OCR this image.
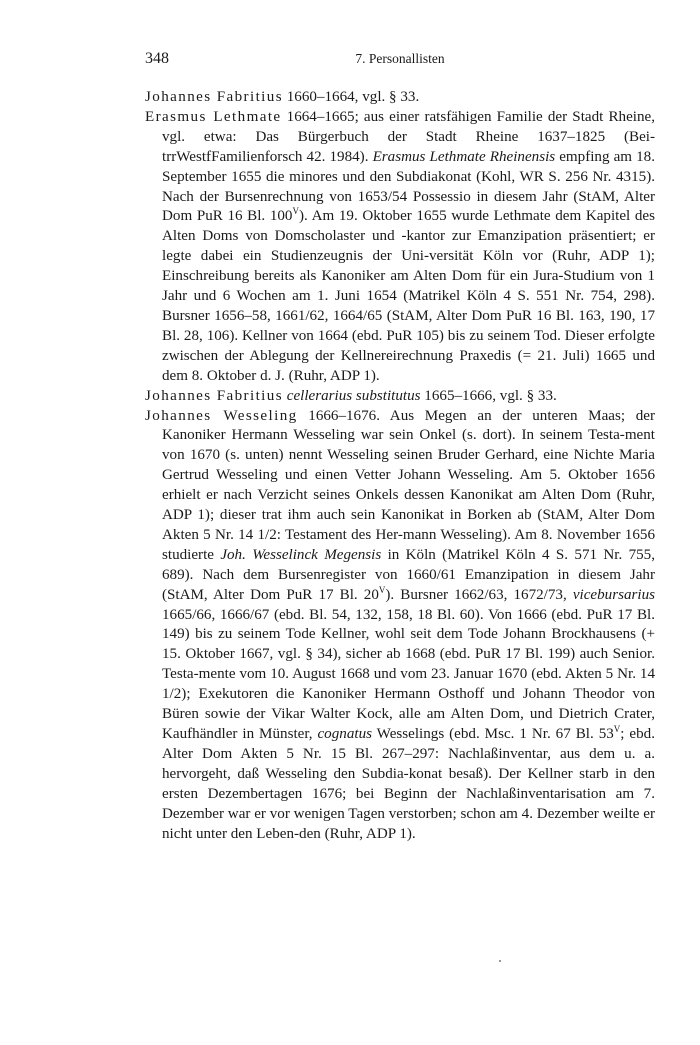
348	7. Personallisten

Johannes Fabritius 1660–1664, vgl. § 33.

Erasmus Lethmate 1664–1665; aus einer ratsfähigen Familie der Stadt Rheine, vgl. etwa: Das Bürgerbuch der Stadt Rheine 1637–1825 (Bei-trrWestfFamilienforsch 42. 1984). Erasmus Lethmate Rheinensis empfing am 18. September 1655 die minores und den Subdiakonat (Kohl, WR S. 256 Nr. 4315). Nach der Bursenrechnung von 1653/54 Possessio in diesem Jahr (StAM, Alter Dom PuR 16 Bl. $100^V$). Am 19. Oktober 1655 wurde Lethmate dem Kapitel des Alten Doms von Domscholaster und -kantor zur Emanzipation präsentiert; er legte dabei ein Studienzeugnis der Uni-versität Köln vor (Ruhr, ADP 1); Einschreibung bereits als Kanoniker am Alten Dom für ein Jura-Studium von 1 Jahr und 6 Wochen am 1. Juni 1654 (Matrikel Köln 4 S. 551 Nr. 754, 298). Bursner 1656–58, 1661/62, 1664/65 (StAM, Alter Dom PuR 16 Bl. 163, 190, 17 Bl. 28, 106). Kellner von 1664 (ebd. PuR 105) bis zu seinem Tod. Dieser erfolgte zwischen der Ablegung der Kellnereirechnung Praxedis (= 21. Juli) 1665 und dem 8. Oktober d. J. (Ruhr, ADP 1).

Johannes Fabritius cellerarius substitutus 1665–1666, vgl. § 33.

Johannes Wesseling 1666–1676. Aus Megen an der unteren Maas; der Kanoniker Hermann Wesseling war sein Onkel (s. dort). In seinem Testa-ment von 1670 (s. unten) nennt Wesseling seinen Bruder Gerhard, eine Nichte Maria Gertrud Wesseling und einen Vetter Johann Wesseling. Am 5. Oktober 1656 erhielt er nach Verzicht seines Onkels dessen Kanonikat am Alten Dom (Ruhr, ADP 1); dieser trat ihm auch sein Kanonikat in Borken ab (StAM, Alter Dom Akten 5 Nr. 14 1/2: Testament des Her-mann Wesseling). Am 8. November 1656 studierte Joh. Wesselinck Megensis in Köln (Matrikel Köln 4 S. 571 Nr. 755, 689). Nach dem Bursenregister von 1660/61 Emanzipation in diesem Jahr (StAM, Alter Dom PuR 17 Bl. $20^V$). Bursner 1662/63, 1672/73, vicebursarius 1665/66, 1666/67 (ebd. Bl. 54, 132, 158, 18 Bl. 60). Von 1666 (ebd. PuR 17 Bl. 149) bis zu seinem Tode Kellner, wohl seit dem Tode Johann Brockhausens (+ 15. Oktober 1667, vgl. § 34), sicher ab 1668 (ebd. PuR 17 Bl. 199) auch Senior. Testa-mente vom 10. August 1668 und vom 23. Januar 1670 (ebd. Akten 5 Nr. 14 1/2); Exekutoren die Kanoniker Hermann Osthoff und Johann Theodor von Büren sowie der Vikar Walter Kock, alle am Alten Dom, und Dietrich Crater, Kaufhändler in Münster, cognatus Wesselings (ebd. Msc. 1 Nr. 67 Bl. $53^V$; ebd. Alter Dom Akten 5 Nr. 15 Bl. 267–297: Nachlaßinventar, aus dem u. a. hervorgeht, daß Wesseling den Subdia-konat besaß). Der Kellner starb in den ersten Dezembertagen 1676; bei Beginn der Nachlaßinventarisation am 7. Dezember war er vor wenigen Tagen verstorben; schon am 4. Dezember weilte er nicht unter den Leben-den (Ruhr, ADP 1).
